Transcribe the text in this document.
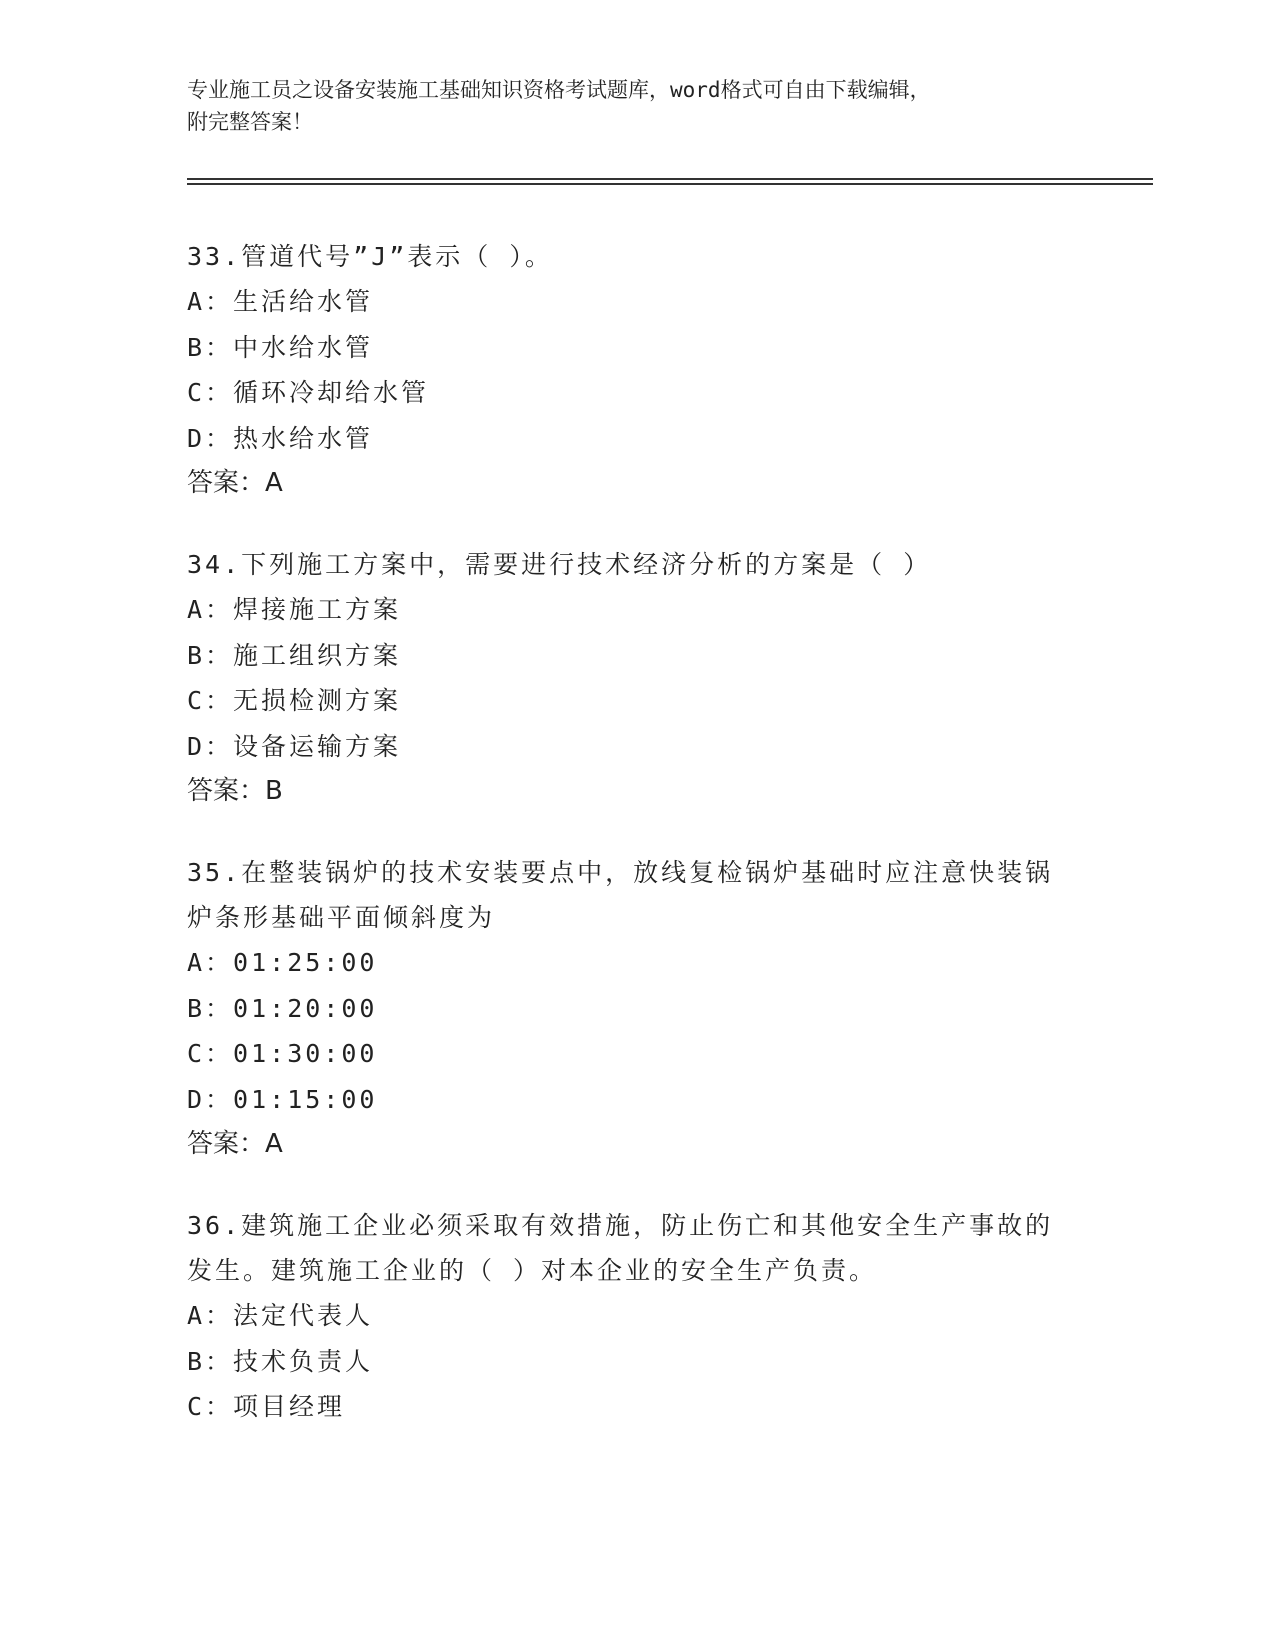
专业施工员之设备安装施工基础知识资格考试题库，word格式可自由下载编辑，
附完整答案！
33.管道代号”J”表示（ ）。
A：生活给水管
B：中水给水管
C：循环冷却给水管
D：热水给水管
答案：A
34.下列施工方案中，需要进行技术经济分析的方案是（ ）
A：焊接施工方案
B：施工组织方案
C：无损检测方案
D：设备运输方案
答案：B
35.在整装锅炉的技术安装要点中，放线复检锅炉基础时应注意快装锅
炉条形基础平面倾斜度为
A：01:25:00
B：01:20:00
C：01:30:00
D：01:15:00
答案：A
36.建筑施工企业必须采取有效措施，防止伤亡和其他安全生产事故的
发生。建筑施工企业的（ ）对本企业的安全生产负责。
A：法定代表人
B：技术负责人
C：项目经理
